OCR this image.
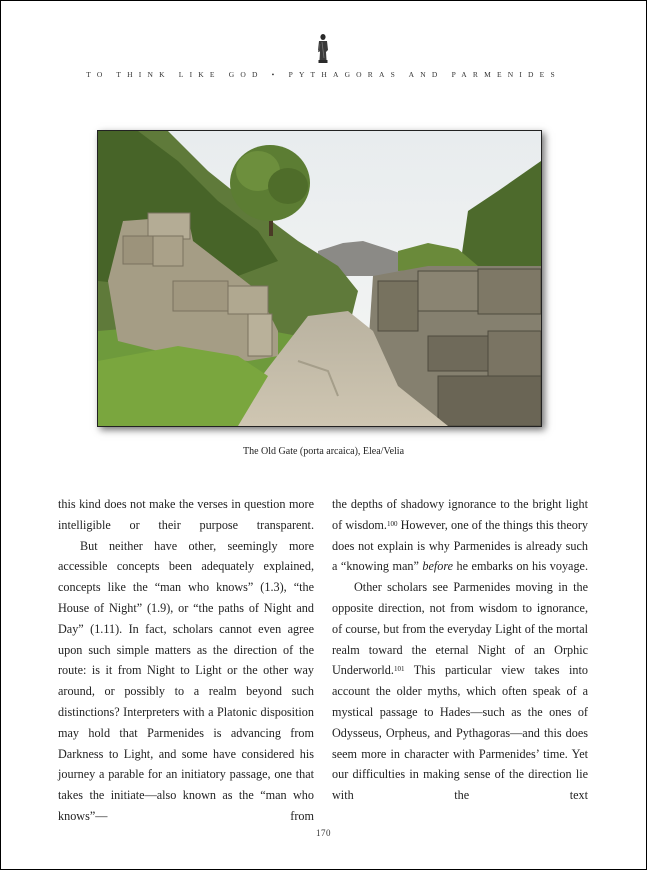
TO THINK LIKE GOD • PYTHAGORAS AND PARMENIDES
The Old Gate (porta arcaica), Elea/Velia

this kind does not make the verses in question more intelligible or their purpose transparent.

But neither have other, seemingly more accessible concepts been adequately explained, concepts like the “man who knows” (1.3), “the House of Night” (1.9), or “the paths of Night and Day” (1.11). In fact, scholars cannot even agree upon such simple matters as the direction of the route: is it from Night to Light or the other way around, or possibly to a realm beyond such distinctions? Interpreters with a Platonic disposition may hold that Parmenides is advancing from Darkness to Light, and some have considered his journey a parable for an initiatory passage, one that takes the initiate—also known as the “man who knows”— from

the depths of shadowy ignorance to the bright light of wisdom.$^{100}$ However, one of the things this theory does not explain is why Parmenides is already such a “knowing man” before he embarks on his voyage.

Other scholars see Parmenides moving in the opposite direction, not from wisdom to ignorance, of course, but from the everyday Light of the mortal realm toward the eternal Night of an Orphic Underworld.$^{101}$ This particular view takes into account the older myths, which often speak of a mystical passage to Hades—such as the ones of Odysseus, Orpheus, and Pythagoras—and this does seem more in character with Parmenides’ time. Yet our difficulties in making sense of the direction lie with the text

170
